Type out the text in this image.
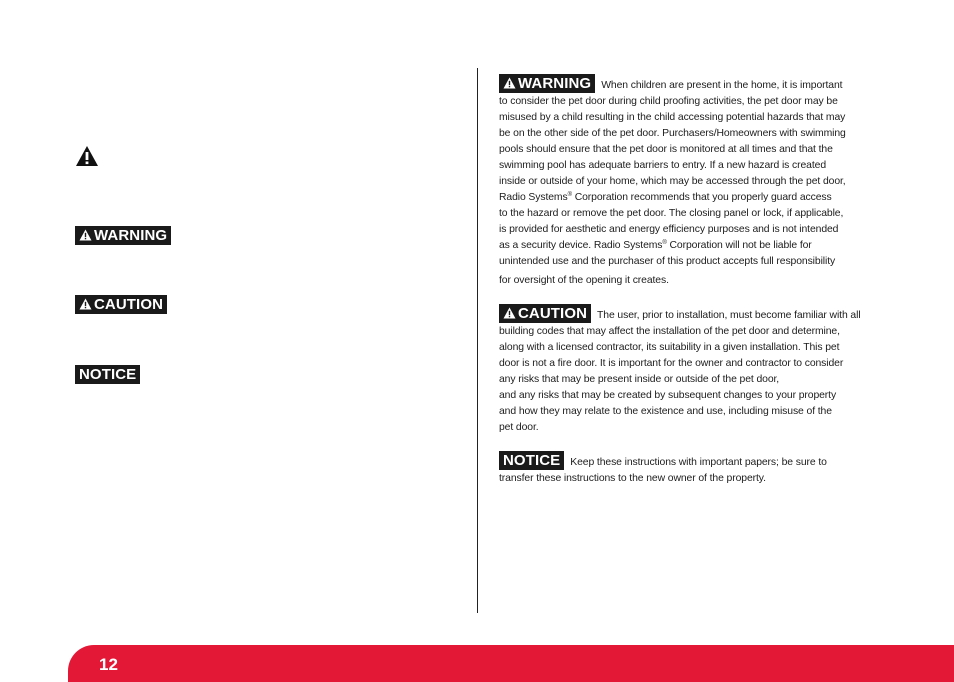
WARNING
CAUTION
NOTICE
WARNING When children are present in the home, it is important
to consider the pet door during child proofing activities, the pet door may be
misused by a child resulting in the child accessing potential hazards that may
be on the other side of the pet door. Purchasers/Homeowners with swimming
pools should ensure that the pet door is monitored at all times and that the
swimming pool has adequate barriers to entry. If a new hazard is created
inside or outside of your home, which may be accessed through the pet door,
Radio Systems® Corporation recommends that you properly guard access
to the hazard or remove the pet door. The closing panel or lock, if applicable,
is provided for aesthetic and energy efficiency purposes and is not intended
as a security device. Radio Systems® Corporation will not be liable for
unintended use and the purchaser of this product accepts full responsibility
for oversight of the opening it creates.
CAUTION The user, prior to installation, must become familiar with all
building codes that may affect the installation of the pet door and determine,
along with a licensed contractor, its suitability in a given installation. This pet
door is not a fire door. It is important for the owner and contractor to consider
any risks that may be present inside or outside of the pet door,
and any risks that may be created by subsequent changes to your property
and how they may relate to the existence and use, including misuse of the
pet door.
NOTICE Keep these instructions with important papers; be sure to
transfer these instructions to the new owner of the property.
12
